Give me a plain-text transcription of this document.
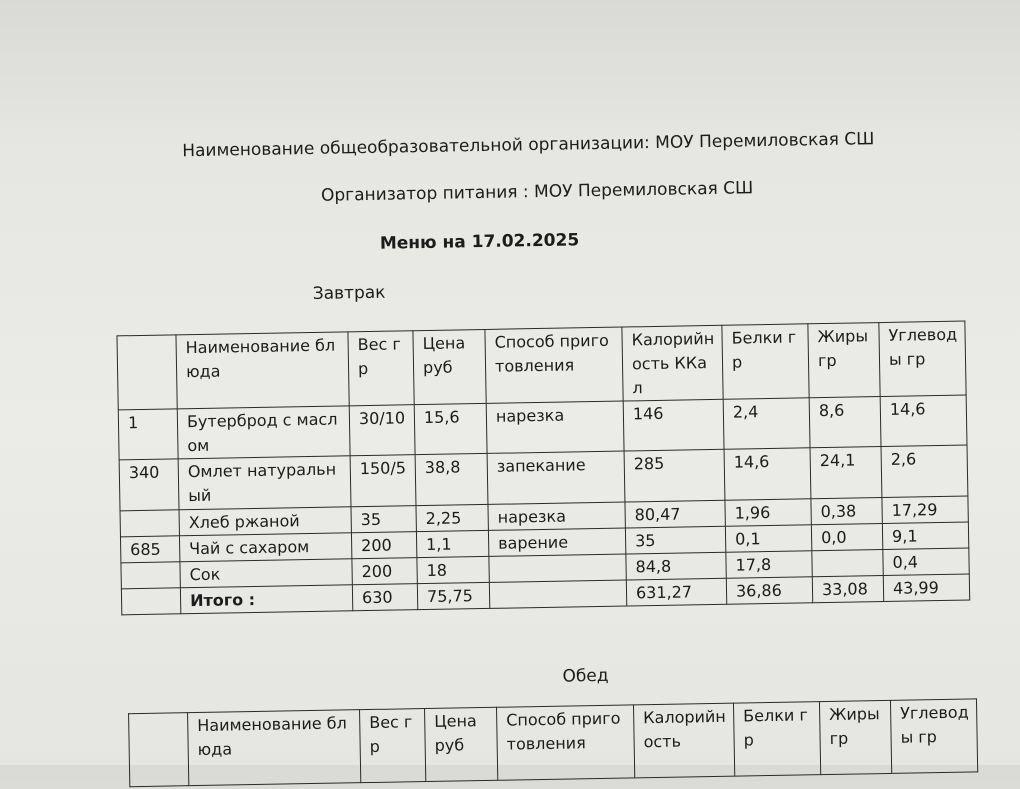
Наименование общеобразовательной организации: МОУ Перемиловская СШ
Организатор питания : МОУ Перемиловская СШ
Меню на 17.02.2025
Завтрак
	Наименование блюда	Вес гр	Цена руб	Способ приготовления	Калорийность ККал	Белки гр	Жиры гр	Углеводы гр
1	Бутерброд с маслом	30/10	15,6	нарезка	146	2,4	8,6	14,6
340	Омлет натуральный	150/5	38,8	запекание	285	14,6	24,1	2,6
	Хлеб ржаной	35	2,25	нарезка	80,47	1,96	0,38	17,29
685	Чай с сахаром	200	1,1	варение	35	0,1	0,0	9,1
	Сок	200	18		84,8	17,8		0,4
	Итого :	630	75,75		631,27	36,86	33,08	43,99
Обед
	Наименование блюда	Вес гр	Цена руб	Способ приготовления	Калорийность	Белки гр	Жиры гр	Углеводы гр
